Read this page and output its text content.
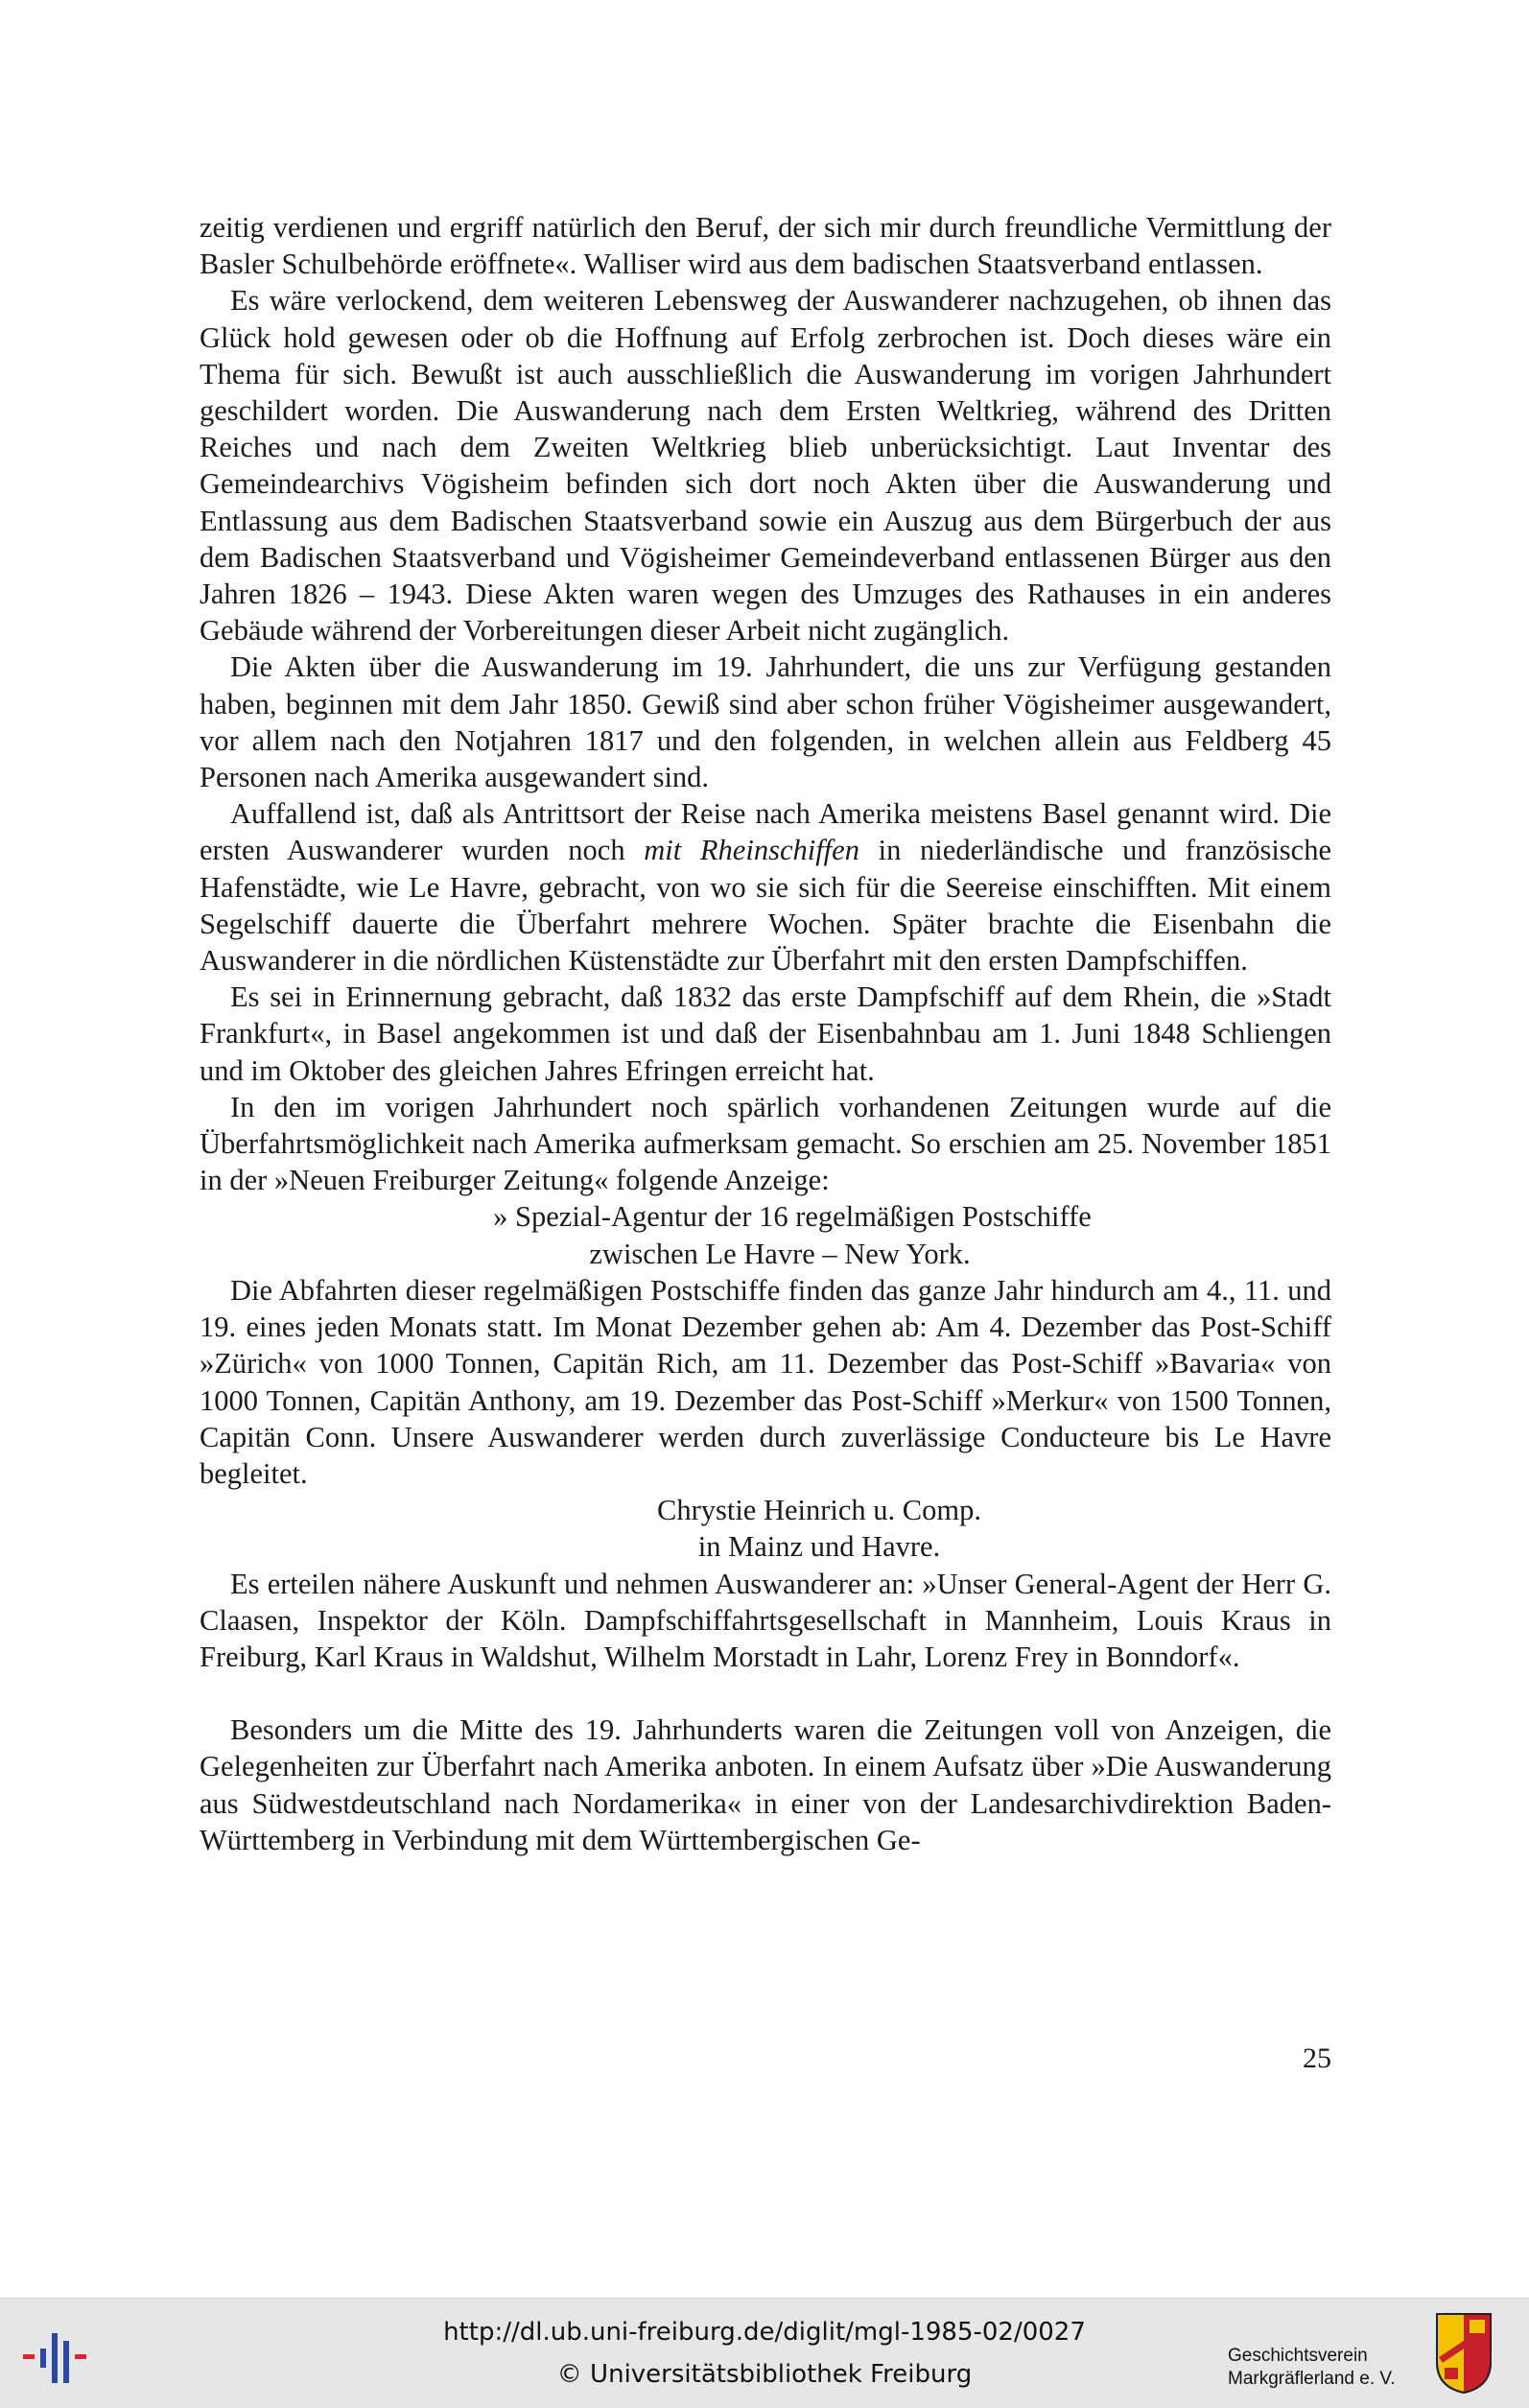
zeitig verdienen und ergriff natürlich den Beruf, der sich mir durch freundliche Vermittlung der Basler Schulbehörde eröffnete«. Walliser wird aus dem badischen Staatsverband entlassen.

Es wäre verlockend, dem weiteren Lebensweg der Auswanderer nachzugehen, ob ihnen das Glück hold gewesen oder ob die Hoffnung auf Erfolg zerbrochen ist. Doch dieses wäre ein Thema für sich. Bewußt ist auch ausschließlich die Auswanderung im vorigen Jahrhundert geschildert worden. Die Auswanderung nach dem Ersten Weltkrieg, während des Dritten Reiches und nach dem Zweiten Weltkrieg blieb unberücksichtigt. Laut Inventar des Gemeindearchivs Vögisheim befinden sich dort noch Akten über die Auswanderung und Entlassung aus dem Badischen Staatsverband sowie ein Auszug aus dem Bürgerbuch der aus dem Badischen Staatsverband und Vögisheimer Gemeindeverband entlassenen Bürger aus den Jahren 1826 – 1943. Diese Akten waren wegen des Umzuges des Rathauses in ein anderes Gebäude während der Vorbereitungen dieser Arbeit nicht zugänglich.

Die Akten über die Auswanderung im 19. Jahrhundert, die uns zur Verfügung gestanden haben, beginnen mit dem Jahr 1850. Gewiß sind aber schon früher Vögisheimer ausgewandert, vor allem nach den Notjahren 1817 und den folgenden, in welchen allein aus Feldberg 45 Personen nach Amerika ausgewandert sind.

Auffallend ist, daß als Antrittsort der Reise nach Amerika meistens Basel genannt wird. Die ersten Auswanderer wurden noch mit Rheinschiffen in niederländische und französische Hafenstädte, wie Le Havre, gebracht, von wo sie sich für die Seereise einschifften. Mit einem Segelschiff dauerte die Überfahrt mehrere Wochen. Später brachte die Eisenbahn die Auswanderer in die nördlichen Küstenstädte zur Überfahrt mit den ersten Dampfschiffen.

Es sei in Erinnernung gebracht, daß 1832 das erste Dampfschiff auf dem Rhein, die »Stadt Frankfurt«, in Basel angekommen ist und daß der Eisenbahnbau am 1. Juni 1848 Schliengen und im Oktober des gleichen Jahres Efringen erreicht hat.

In den im vorigen Jahrhundert noch spärlich vorhandenen Zeitungen wurde auf die Überfahrtsmöglichkeit nach Amerika aufmerksam gemacht. So erschien am 25. November 1851 in der »Neuen Freiburger Zeitung« folgende Anzeige:

» Spezial-Agentur der 16 regelmäßigen Postschiffe

zwischen Le Havre – New York.

Die Abfahrten dieser regelmäßigen Postschiffe finden das ganze Jahr hindurch am 4., 11. und 19. eines jeden Monats statt. Im Monat Dezember gehen ab: Am 4. Dezember das Post-Schiff »Zürich« von 1000 Tonnen, Capitän Rich, am 11. Dezember das Post-Schiff »Bavaria« von 1000 Tonnen, Capitän Anthony, am 19. Dezember das Post-Schiff »Merkur« von 1500 Tonnen, Capitän Conn. Unsere Auswanderer werden durch zuverlässige Conducteure bis Le Havre begleitet.

Chrystie Heinrich u. Comp.

in Mainz und Havre.

Es erteilen nähere Auskunft und nehmen Auswanderer an: »Unser General-Agent der Herr G. Claasen, Inspektor der Köln. Dampfschiffahrtsgesellschaft in Mannheim, Louis Kraus in Freiburg, Karl Kraus in Waldshut, Wilhelm Morstadt in Lahr, Lorenz Frey in Bonndorf«.

Besonders um die Mitte des 19. Jahrhunderts waren die Zeitungen voll von Anzeigen, die Gelegenheiten zur Überfahrt nach Amerika anboten. In einem Aufsatz über »Die Auswanderung aus Südwestdeutschland nach Nordamerika« in einer von der Landesarchivdirektion Baden-Württemberg in Verbindung mit dem Württembergischen Ge-

25
http://dl.ub.uni-freiburg.de/diglit/mgl-1985-02/0027
© Universitätsbibliothek Freiburg
Geschichtsverein
Markgräflerland e. V.
